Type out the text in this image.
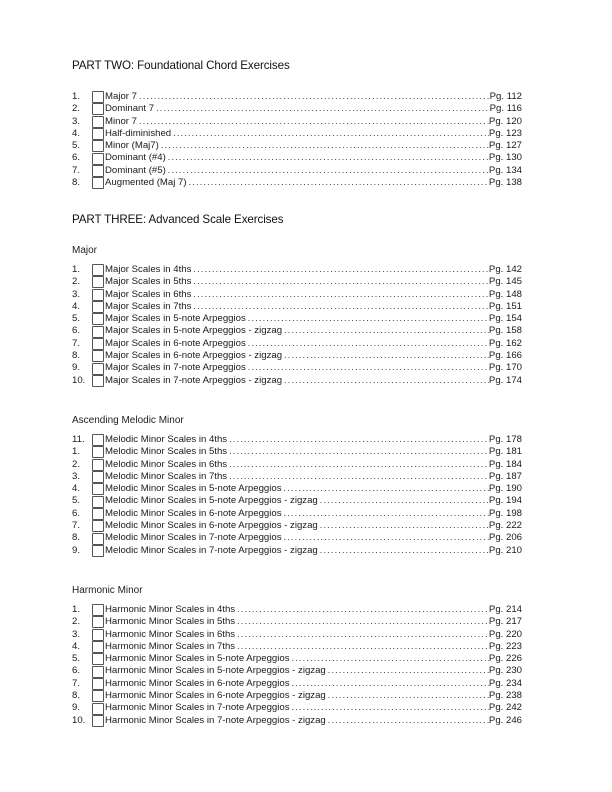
PART TWO: Foundational Chord Exercises
1.	Major 7 .....	Pg. 112
2.	Dominant 7 .....	Pg. 116
3.	Minor 7 .....	Pg. 120
4.	Half-diminished .....	Pg. 123
5.	Minor (Maj7) .....	Pg. 127
6.	Dominant (#4) .....	Pg. 130
7.	Dominant (#5) .....	Pg. 134
8.	Augmented (Maj 7) .....	Pg. 138
PART THREE: Advanced Scale Exercises
Major
1.	Major Scales in 4ths .....	Pg. 142
2.	Major Scales in 5ths .....	Pg. 145
3.	Major Scales in 6ths .....	Pg. 148
4.	Major Scales in 7ths .....	Pg. 151
5.	Major Scales in 5-note Arpeggios .....	Pg. 154
6.	Major Scales in 5-note Arpeggios - zigzag .....	Pg. 158
7.	Major Scales in 6-note Arpeggios .....	Pg. 162
8.	Major Scales in 6-note Arpeggios - zigzag .....	Pg. 166
9.	Major Scales in 7-note Arpeggios .....	Pg. 170
10.	Major Scales in 7-note Arpeggios - zigzag .....	Pg. 174
Ascending Melodic Minor
11.	Melodic Minor Scales in 4ths .....	Pg. 178
1.	Melodic Minor Scales in 5ths .....	Pg. 181
2.	Melodic Minor Scales in 6ths .....	Pg. 184
3.	Melodic Minor Scales in 7ths .....	Pg. 187
4.	Melodic Minor Scales in 5-note Arpeggios .....	Pg. 190
5.	Melodic Minor Scales in 5-note Arpeggios - zigzag .....	Pg. 194
6.	Melodic Minor Scales in 6-note Arpeggios .....	Pg. 198
7.	Melodic Minor Scales in 6-note Arpeggios - zigzag .....	Pg. 222
8.	Melodic Minor Scales in 7-note Arpeggios .....	Pg. 206
9.	Melodic Minor Scales in 7-note Arpeggios - zigzag .....	Pg. 210
Harmonic Minor
1.	Harmonic Minor Scales in 4ths .....	Pg. 214
2.	Harmonic Minor Scales in 5ths .....	Pg. 217
3.	Harmonic Minor Scales in 6ths .....	Pg. 220
4.	Harmonic Minor Scales in 7ths .....	Pg. 223
5.	Harmonic Minor Scales in 5-note Arpeggios .....	Pg. 226
6.	Harmonic Minor Scales in 5-note Arpeggios - zigzag .....	Pg. 230
7.	Harmonic Minor Scales in 6-note Arpeggios .....	Pg. 234
8.	Harmonic Minor Scales in 6-note Arpeggios - zigzag .....	Pg. 238
9.	Harmonic Minor Scales in 7-note Arpeggios .....	Pg. 242
10.	Harmonic Minor Scales in 7-note Arpeggios - zigzag .....	Pg. 246
